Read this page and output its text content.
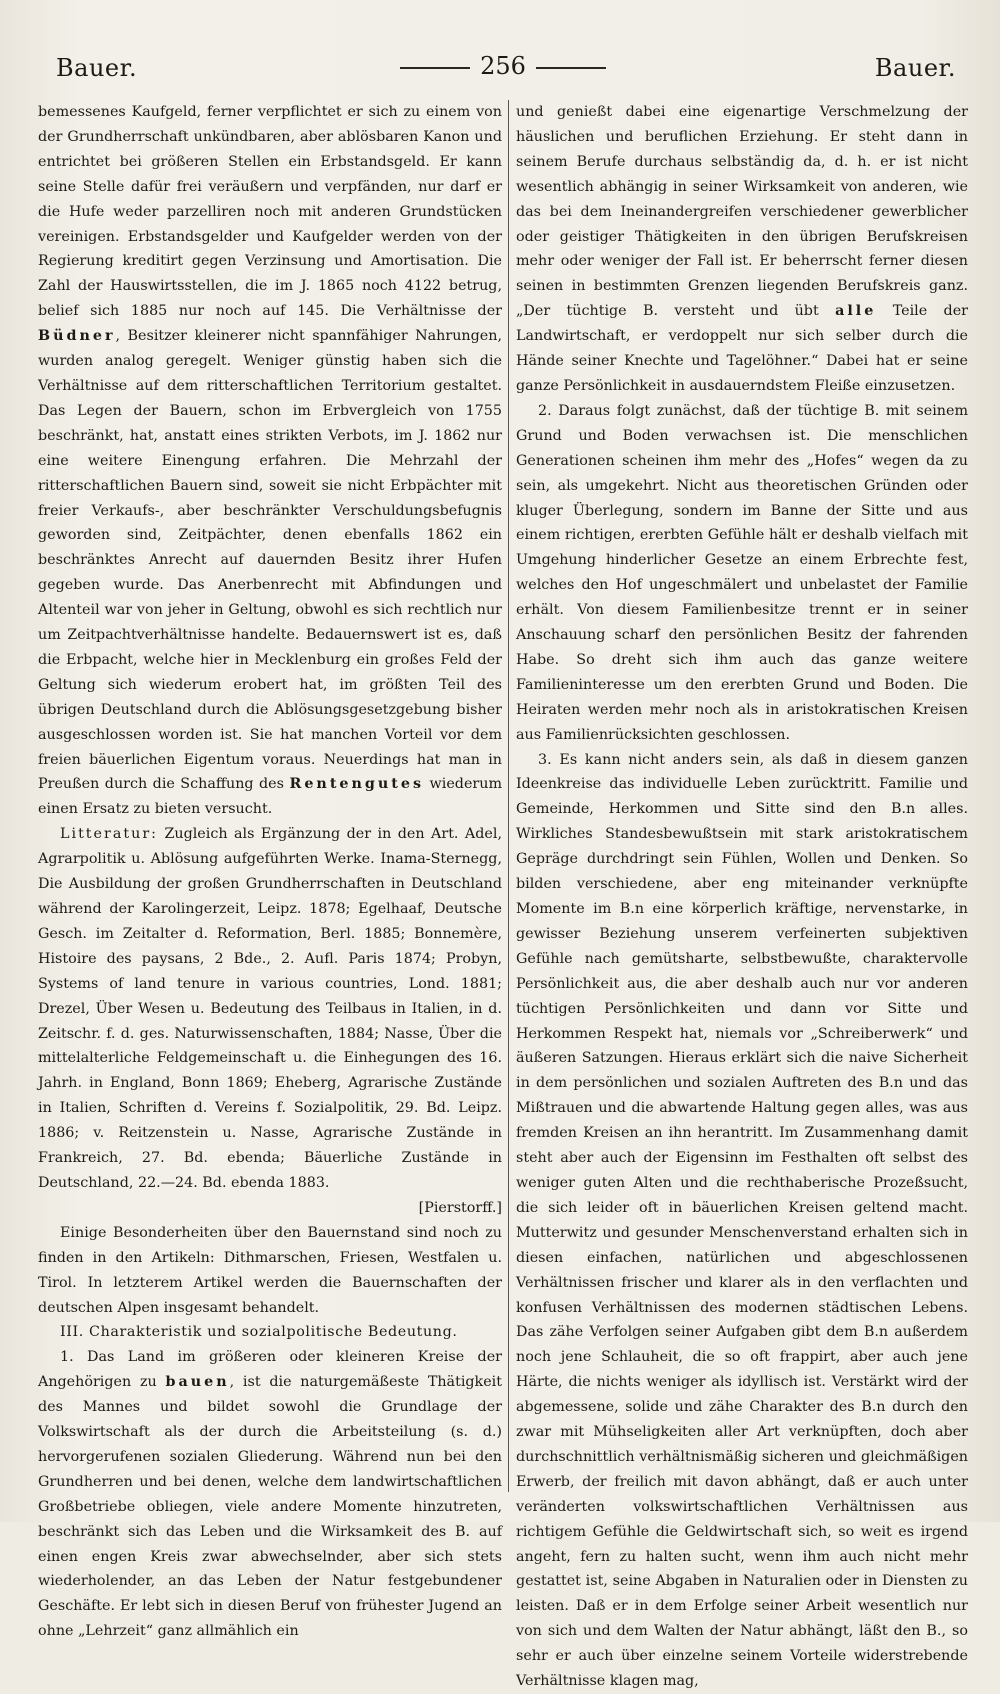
Bauer.	256	Bauer.

bemessenes Kaufgeld, ferner verpflichtet er sich zu einem von der Grundherrschaft unkündbaren, aber ablösbaren Kanon und entrichtet bei größeren Stellen ein Erbstandsgeld. Er kann seine Stelle dafür frei veräußern und verpfänden, nur darf er die Hufe weder parzelliren noch mit anderen Grundstücken vereinigen. Erbstandsgelder und Kaufgelder werden von der Regierung kreditirt gegen Verzinsung und Amortisation. Die Zahl der Hauswirtsstellen, die im J. 1865 noch 4122 betrug, belief sich 1885 nur noch auf 145. Die Verhältnisse der Büdner, Besitzer kleinerer nicht spannfähiger Nahrungen, wurden analog geregelt. Weniger günstig haben sich die Verhältnisse auf dem ritterschaftlichen Territorium gestaltet. Das Legen der Bauern, schon im Erbvergleich von 1755 beschränkt, hat, anstatt eines strikten Verbots, im J. 1862 nur eine weitere Einengung erfahren. Die Mehrzahl der ritterschaftlichen Bauern sind, soweit sie nicht Erbpächter mit freier Verkaufs-, aber beschränkter Verschuldungsbefugnis geworden sind, Zeitpächter, denen ebenfalls 1862 ein beschränktes Anrecht auf dauernden Besitz ihrer Hufen gegeben wurde. Das Anerbenrecht mit Abfindungen und Altenteil war von jeher in Geltung, obwohl es sich rechtlich nur um Zeitpachtverhältnisse handelte. Bedauernswert ist es, daß die Erbpacht, welche hier in Mecklenburg ein großes Feld der Geltung sich wiederum erobert hat, im größten Teil des übrigen Deutschland durch die Ablösungsgesetzgebung bisher ausgeschlossen worden ist. Sie hat manchen Vorteil vor dem freien bäuerlichen Eigentum voraus. Neuerdings hat man in Preußen durch die Schaffung des Rentengutes wiederum einen Ersatz zu bieten versucht.

Litteratur: Zugleich als Ergänzung der in den Art. Adel, Agrarpolitik u. Ablösung aufgeführten Werke. Inama-Sternegg, Die Ausbildung der großen Grundherrschaften in Deutschland während der Karolingerzeit, Leipz. 1878; Egelhaaf, Deutsche Gesch. im Zeitalter d. Reformation, Berl. 1885; Bonnemère, Histoire des paysans, 2 Bde., 2. Aufl. Paris 1874; Probyn, Systems of land tenure in various countries, Lond. 1881; Drezel, Über Wesen u. Bedeutung des Teilbaus in Italien, in d. Zeitschr. f. d. ges. Naturwissenschaften, 1884; Nasse, Über die mittelalterliche Feldgemeinschaft u. die Einhegungen des 16. Jahrh. in England, Bonn 1869; Eheberg, Agrarische Zustände in Italien, Schriften d. Vereins f. Sozialpolitik, 29. Bd. Leipz. 1886; v. Reitzenstein u. Nasse, Agrarische Zustände in Frankreich, 27. Bd. ebenda; Bäuerliche Zustände in Deutschland, 22.—24. Bd. ebenda 1883.

[Pierstorff.]

Einige Besonderheiten über den Bauernstand sind noch zu finden in den Artikeln: Dithmarschen, Friesen, Westfalen u. Tirol. In letzterem Artikel werden die Bauernschaften der deutschen Alpen insgesamt behandelt.

III. Charakteristik und sozialpolitische Bedeutung.

1. Das Land im größeren oder kleineren Kreise der Angehörigen zu bauen, ist die naturgemäßeste Thätigkeit des Mannes und bildet sowohl die Grundlage der Volkswirtschaft als der durch die Arbeitsteilung (s. d.) hervorgerufenen sozialen Gliederung. Während nun bei den Grundherren und bei denen, welche dem landwirtschaftlichen Großbetriebe obliegen, viele andere Momente hinzutreten, beschränkt sich das Leben und die Wirksamkeit des B. auf einen engen Kreis zwar abwechselnder, aber sich stets wiederholender, an das Leben der Natur festgebundener Geschäfte. Er lebt sich in diesen Beruf von frühester Jugend an ohne „Lehrzeit“ ganz allmählich ein

und genießt dabei eine eigenartige Verschmelzung der häuslichen und beruflichen Erziehung. Er steht dann in seinem Berufe durchaus selbständig da, d. h. er ist nicht wesentlich abhängig in seiner Wirksamkeit von anderen, wie das bei dem Ineinandergreifen verschiedener gewerblicher oder geistiger Thätigkeiten in den übrigen Berufskreisen mehr oder weniger der Fall ist. Er beherrscht ferner diesen seinen in bestimmten Grenzen liegenden Berufskreis ganz. „Der tüchtige B. versteht und übt alle Teile der Landwirtschaft, er verdoppelt nur sich selber durch die Hände seiner Knechte und Tagelöhner.“ Dabei hat er seine ganze Persönlichkeit in ausdauerndstem Fleiße einzusetzen.

2. Daraus folgt zunächst, daß der tüchtige B. mit seinem Grund und Boden verwachsen ist. Die menschlichen Generationen scheinen ihm mehr des „Hofes“ wegen da zu sein, als umgekehrt. Nicht aus theoretischen Gründen oder kluger Überlegung, sondern im Banne der Sitte und aus einem richtigen, ererbten Gefühle hält er deshalb vielfach mit Umgehung hinderlicher Gesetze an einem Erbrechte fest, welches den Hof ungeschmälert und unbelastet der Familie erhält. Von diesem Familienbesitze trennt er in seiner Anschauung scharf den persönlichen Besitz der fahrenden Habe. So dreht sich ihm auch das ganze weitere Familieninteresse um den ererbten Grund und Boden. Die Heiraten werden mehr noch als in aristokratischen Kreisen aus Familienrücksichten geschlossen.

3. Es kann nicht anders sein, als daß in diesem ganzen Ideenkreise das individuelle Leben zurücktritt. Familie und Gemeinde, Herkommen und Sitte sind den B.n alles. Wirkliches Standesbewußtsein mit stark aristokratischem Gepräge durchdringt sein Fühlen, Wollen und Denken. So bilden verschiedene, aber eng miteinander verknüpfte Momente im B.n eine körperlich kräftige, nervenstarke, in gewisser Beziehung unserem verfeinerten subjektiven Gefühle nach gemütsharte, selbstbewußte, charaktervolle Persönlichkeit aus, die aber deshalb auch nur vor anderen tüchtigen Persönlichkeiten und dann vor Sitte und Herkommen Respekt hat, niemals vor „Schreiberwerk“ und äußeren Satzungen. Hieraus erklärt sich die naive Sicherheit in dem persönlichen und sozialen Auftreten des B.n und das Mißtrauen und die abwartende Haltung gegen alles, was aus fremden Kreisen an ihn herantritt. Im Zusammenhang damit steht aber auch der Eigensinn im Festhalten oft selbst des weniger guten Alten und die rechthaberische Prozeßsucht, die sich leider oft in bäuerlichen Kreisen geltend macht. Mutterwitz und gesunder Menschenverstand erhalten sich in diesen einfachen, natürlichen und abgeschlossenen Verhältnissen frischer und klarer als in den verflachten und konfusen Verhältnissen des modernen städtischen Lebens. Das zähe Verfolgen seiner Aufgaben gibt dem B.n außerdem noch jene Schlauheit, die so oft frappirt, aber auch jene Härte, die nichts weniger als idyllisch ist. Verstärkt wird der abgemessene, solide und zähe Charakter des B.n durch den zwar mit Mühseligkeiten aller Art verknüpften, doch aber durchschnittlich verhältnismäßig sicheren und gleichmäßigen Erwerb, der freilich mit davon abhängt, daß er auch unter veränderten volkswirtschaftlichen Verhältnissen aus richtigem Gefühle die Geldwirtschaft sich, so weit es irgend angeht, fern zu halten sucht, wenn ihm auch nicht mehr gestattet ist, seine Abgaben in Naturalien oder in Diensten zu leisten. Daß er in dem Erfolge seiner Arbeit wesentlich nur von sich und dem Walten der Natur abhängt, läßt den B., so sehr er auch über einzelne seinem Vorteile widerstrebende Verhältnisse klagen mag,
